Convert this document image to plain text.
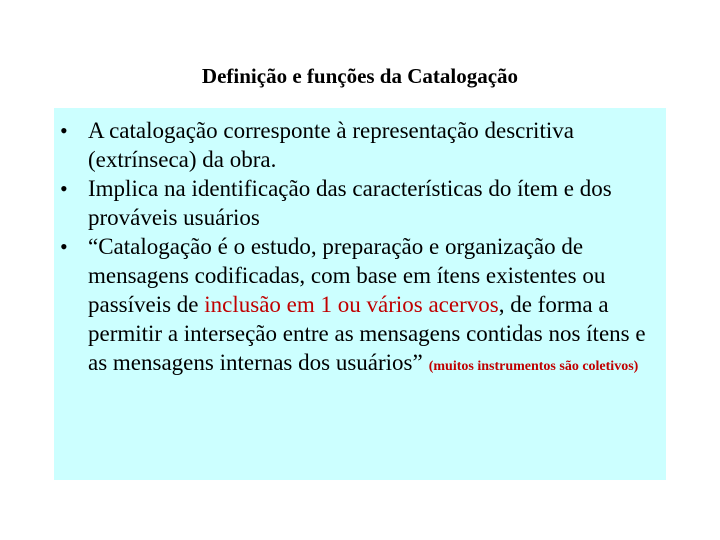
Definição e funções da Catalogação
• A catalogação corresponte à representação descritiva (extrínseca) da obra.
• Implica na identificação das características do ítem e dos prováveis usuários
• “Catalogação é o estudo, preparação e organização de mensagens codificadas, com base em ítens existentes ou passíveis de inclusão em 1 ou vários acervos, de forma a permitir a interseção entre as mensagens contidas nos ítens e as mensagens internas dos usuários” (muitos instrumentos são coletivos)
